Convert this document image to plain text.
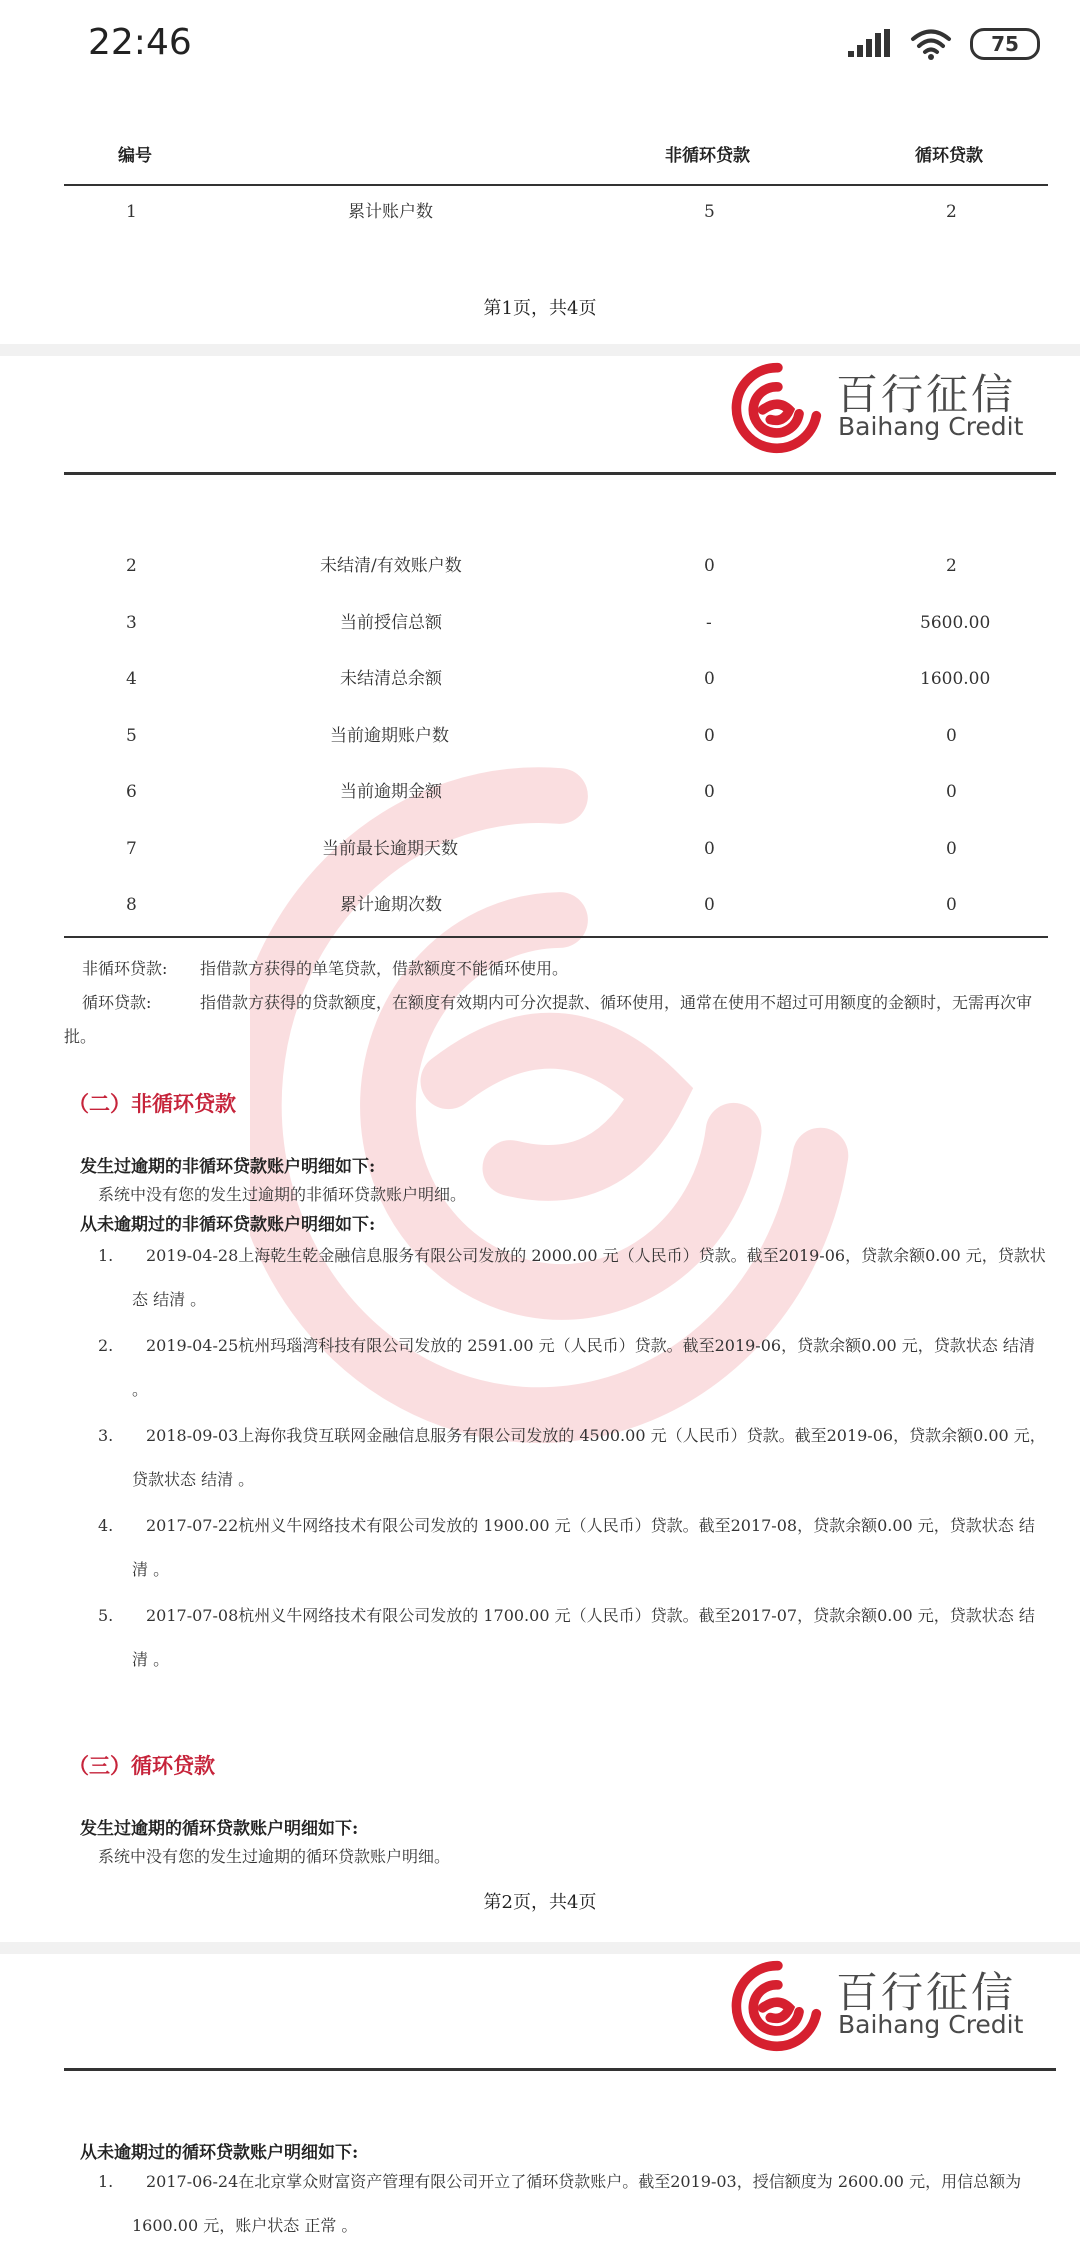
22:46	75
编号	非循环贷款	循环贷款
1	累计账户数	5	2
第1页，共4页
百行征信
Baihang Credit
2	未结清/有效账户数	0	2
3	当前授信总额	-	5600.00
4	未结清总余额	0	1600.00
5	当前逾期账户数	0	0
6	当前逾期金额	0	0
7	当前最长逾期天数	0	0
8	累计逾期次数	0	0
非循环贷款: 指借款方获得的单笔贷款，借款额度不能循环使用。
循环贷款:	指借款方获得的贷款额度，在额度有效期内可分次提款、循环使用，通常在使用不超过可用额度的金额时，无需再次审批。
（二）非循环贷款
发生过逾期的非循环贷款账户明细如下:
系统中没有您的发生过逾期的非循环贷款账户明细。
从未逾期过的非循环贷款账户明细如下:
1.	2019-04-28上海乾生乾金融信息服务有限公司发放的 2000.00 元（人民币）贷款。截至2019-06，贷款余额0.00 元，贷款状态 结清 。
2.	2019-04-25杭州玛瑙湾科技有限公司发放的 2591.00 元（人民币）贷款。截至2019-06，贷款余额0.00 元，贷款状态 结清 。
3.	2018-09-03上海你我贷互联网金融信息服务有限公司发放的 4500.00 元（人民币）贷款。截至2019-06，贷款余额0.00 元，贷款状态 结清 。
4.	2017-07-22杭州义牛网络技术有限公司发放的 1900.00 元（人民币）贷款。截至2017-08，贷款余额0.00 元，贷款状态 结清 。
5.	2017-07-08杭州义牛网络技术有限公司发放的 1700.00 元（人民币）贷款。截至2017-07，贷款余额0.00 元，贷款状态 结清 。
（三）循环贷款
发生过逾期的循环贷款账户明细如下:
系统中没有您的发生过逾期的循环贷款账户明细。
第2页，共4页
百行征信
Baihang Credit
从未逾期过的循环贷款账户明细如下:
1.	2017-06-24在北京掌众财富资产管理有限公司开立了循环贷款账户。截至2019-03，授信额度为 2600.00 元，用信总额为 1600.00 元，账户状态 正常 。
